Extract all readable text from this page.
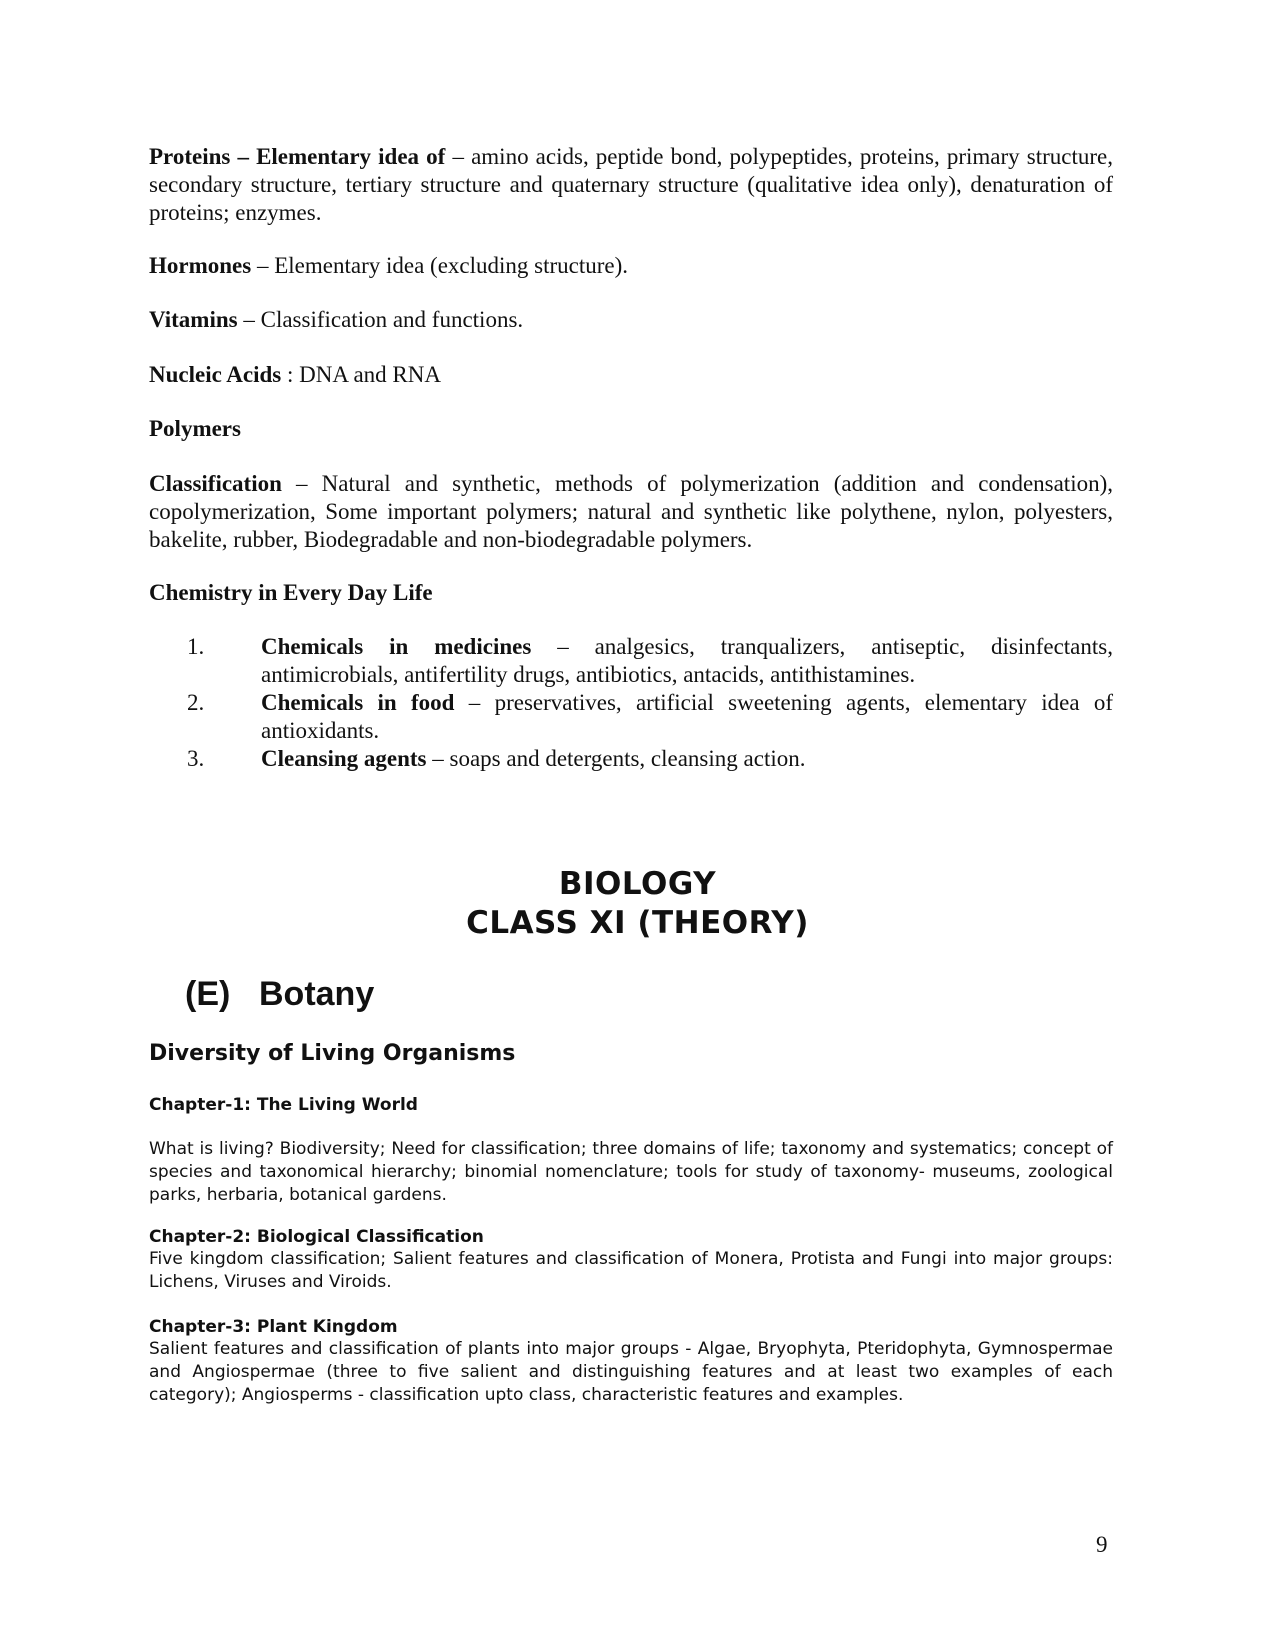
Proteins – Elementary idea of – amino acids, peptide bond, polypeptides, proteins, primary structure, secondary structure, tertiary structure and quaternary structure (qualitative idea only), denaturation of proteins; enzymes.

Hormones – Elementary idea (excluding structure).

Vitamins – Classification and functions.

Nucleic Acids : DNA and RNA

Polymers

Classification – Natural and synthetic, methods of polymerization (addition and condensation), copolymerization, Some important polymers; natural and synthetic like polythene, nylon, polyesters, bakelite, rubber, Biodegradable and non-biodegradable polymers.

Chemistry in Every Day Life

1. Chemicals in medicines – analgesics, tranqualizers, antiseptic, disinfectants, antimicrobials, antifertility drugs, antibiotics, antacids, antithistamines.
2. Chemicals in food – preservatives, artificial sweetening agents, elementary idea of antioxidants.
3. Cleansing agents – soaps and detergents, cleansing action.

BIOLOGY

CLASS XI (THEORY)

(E) Botany

Diversity of Living Organisms

Chapter-1: The Living World

What is living? Biodiversity; Need for classification; three domains of life; taxonomy and systematics; concept of species and taxonomical hierarchy; binomial nomenclature; tools for study of taxonomy- museums, zoological parks, herbaria, botanical gardens.

Chapter-2: Biological Classification

Five kingdom classification; Salient features and classification of Monera, Protista and Fungi into major groups: Lichens, Viruses and Viroids.

Chapter-3: Plant Kingdom

Salient features and classification of plants into major groups - Algae, Bryophyta, Pteridophyta, Gymnospermae and Angiospermae (three to five salient and distinguishing features and at least two examples of each category); Angiosperms - classification upto class, characteristic features and examples.

9
